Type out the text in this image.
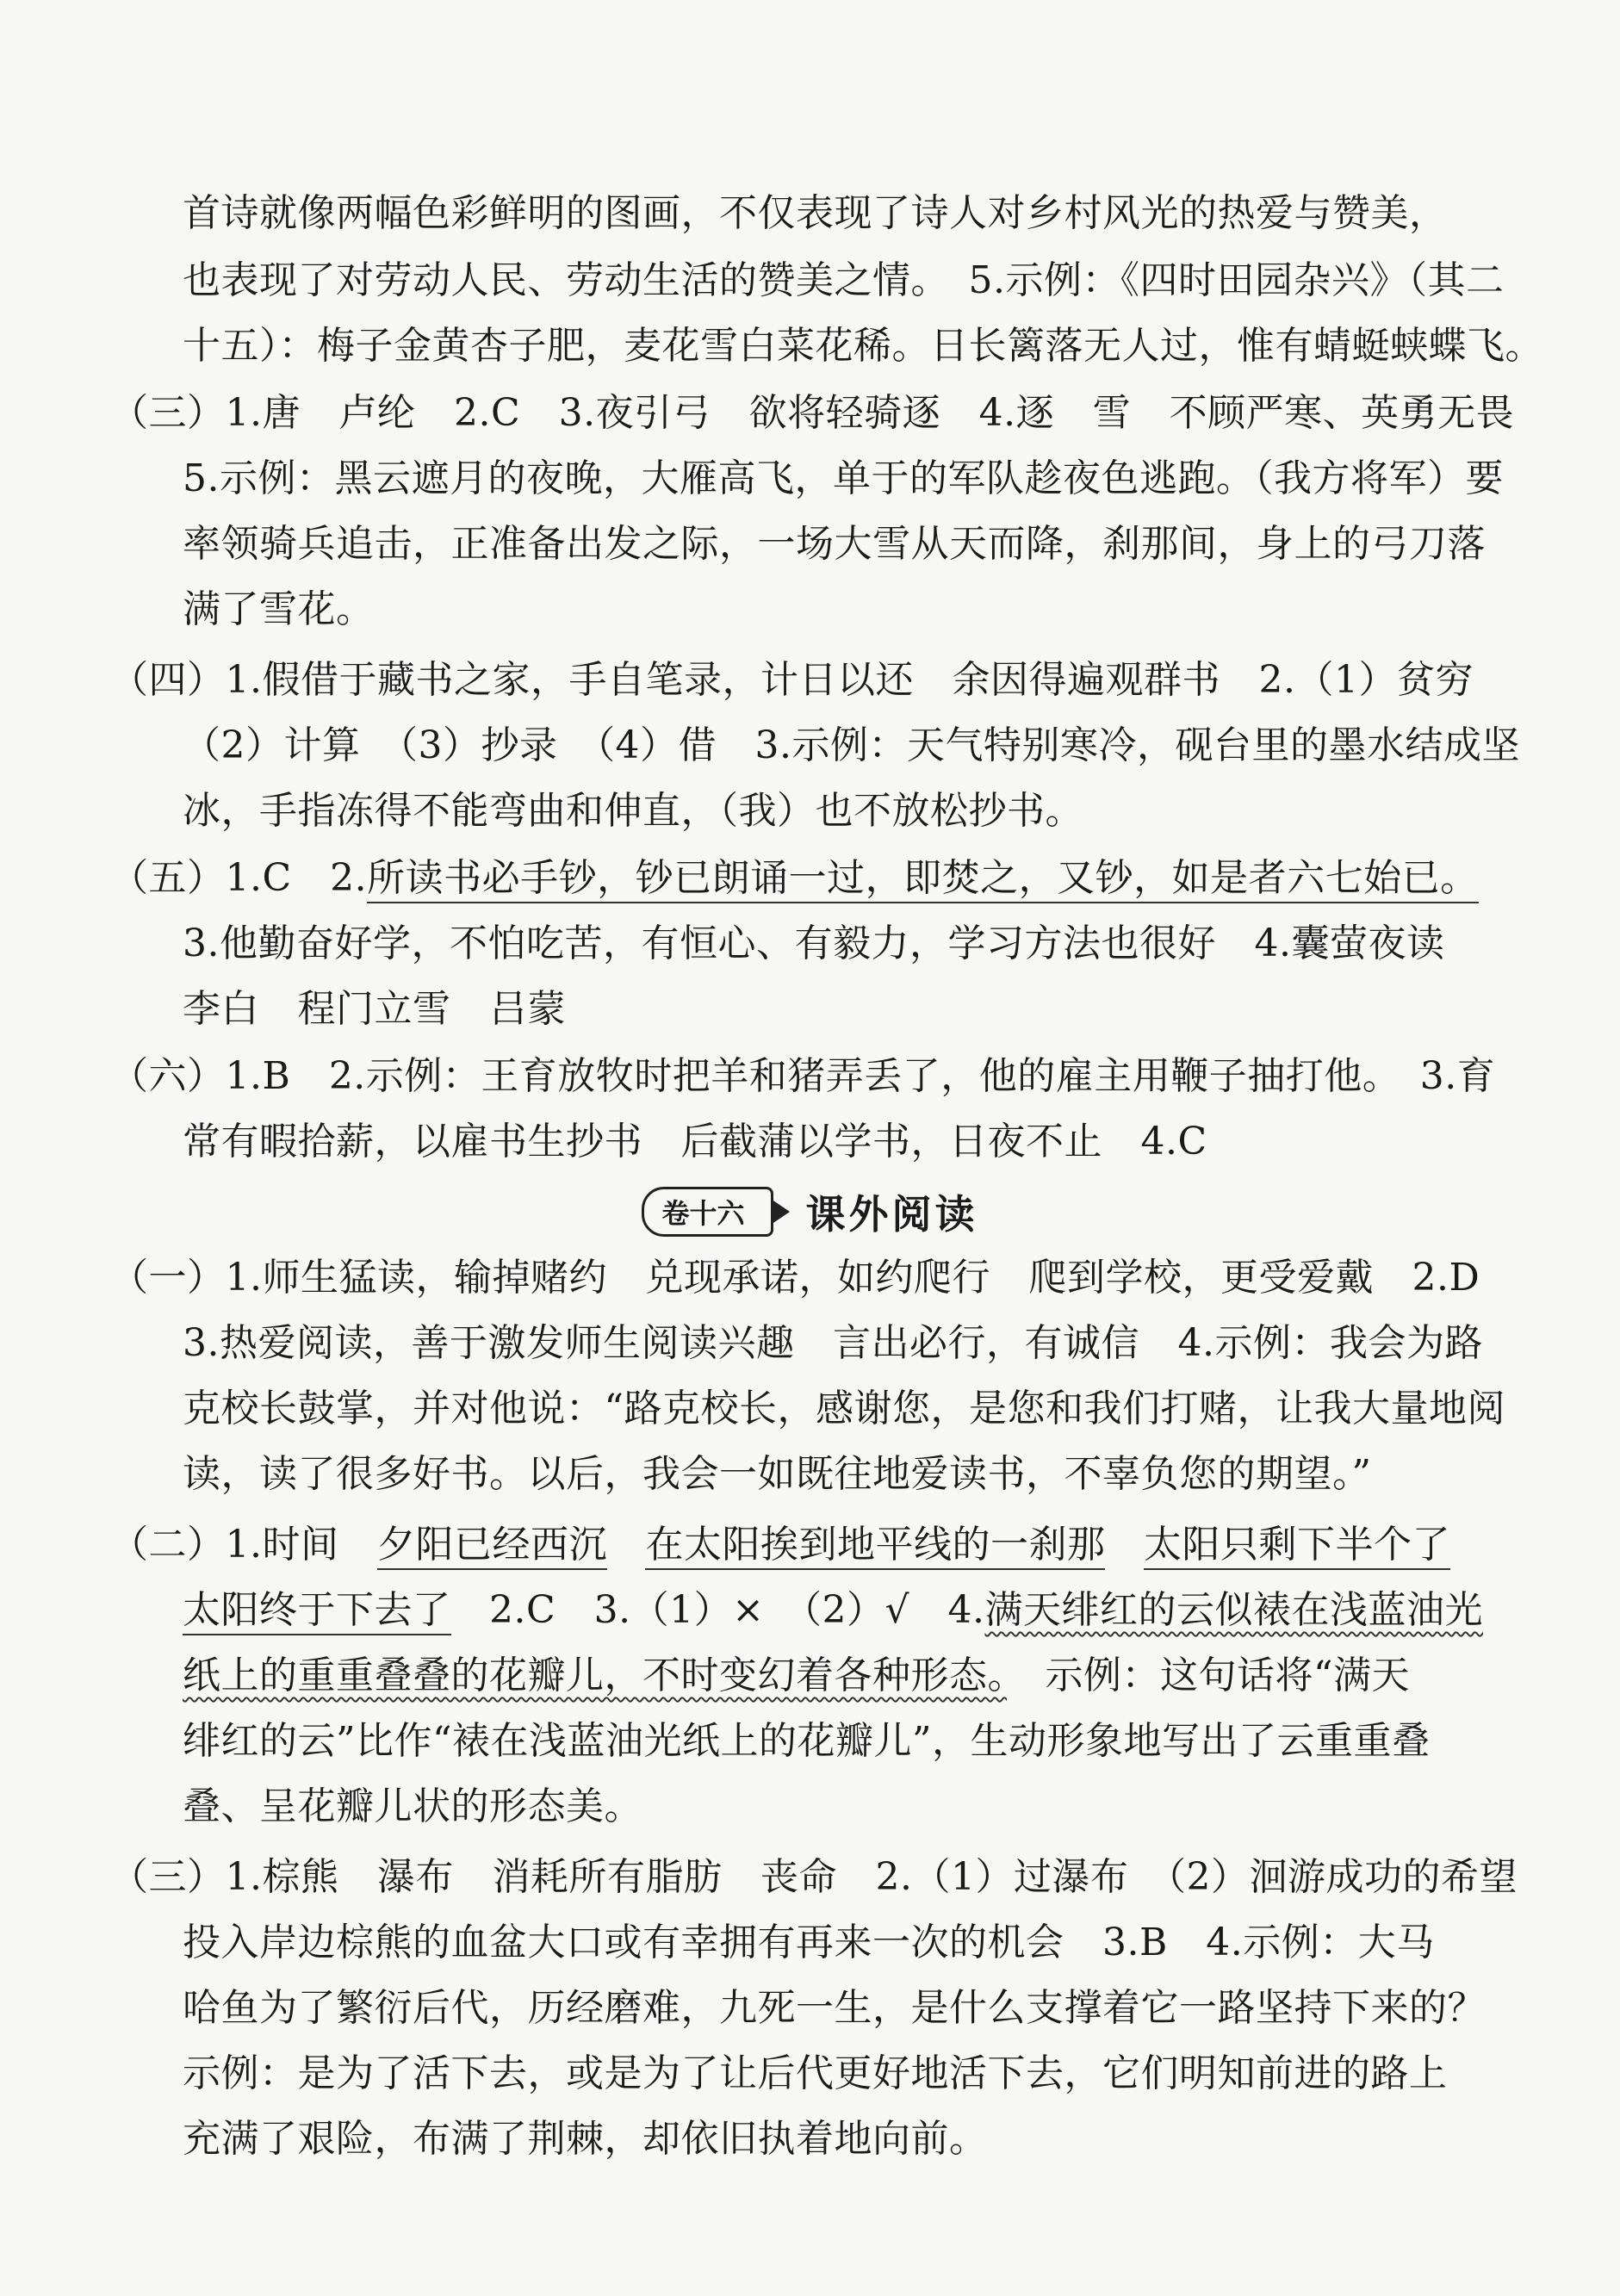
首诗就像两幅色彩鲜明的图画，不仅表现了诗人对乡村风光的热爱与赞美，
也表现了对劳动人民、劳动生活的赞美之情。　5.示例：《四时田园杂兴》（其二
十五）：梅子金黄杏子肥，麦花雪白菜花稀。日长篱落无人过，惟有蜻蜓蛱蝶飞。
（三）1.唐　卢纶　2.C　3.夜引弓　欲将轻骑逐　4.逐　雪　不顾严寒、英勇无畏
5.示例：黑云遮月的夜晚，大雁高飞，单于的军队趁夜色逃跑。（我方将军）要
率领骑兵追击，正准备出发之际，一场大雪从天而降，刹那间，身上的弓刀落
满了雪花。
（四）1.假借于藏书之家，手自笔录，计日以还　余因得遍观群书　2.（1）贫穷
（2）计算　（3）抄录　（4）借　3.示例：天气特别寒冷，砚台里的墨水结成坚
冰，手指冻得不能弯曲和伸直，（我）也不放松抄书。
（五）1.C　2.所读书必手钞，钞已朗诵一过，即焚之，又钞，如是者六七始已。
3.他勤奋好学，不怕吃苦，有恒心、有毅力，学习方法也很好　4.囊萤夜读
李白　程门立雪　吕蒙
（六）1.B　2.示例：王育放牧时把羊和猪弄丢了，他的雇主用鞭子抽打他。　3.育
常有暇拾薪，以雇书生抄书　后截蒲以学书，日夜不止　4.C
卷十六	课外阅读
（一）1.师生猛读，输掉赌约　兑现承诺，如约爬行　爬到学校，更受爱戴　2.D
3.热爱阅读，善于激发师生阅读兴趣　言出必行，有诚信　4.示例：我会为路
克校长鼓掌，并对他说：“路克校长，感谢您，是您和我们打赌，让我大量地阅
读，读了很多好书。以后，我会一如既往地爱读书，不辜负您的期望。”
（二）1.时间　夕阳已经西沉　 在太阳挨到地平线的一刹那　 太阳只剩下半个了
太阳终于下去了　2.C　3.（1）×　（2）√　4.满天绯红的云似裱在浅蓝油光
纸上的重重叠叠的花瓣儿，不时变幻着各种形态。　示例：这句话将“满天
绯红的云”比作“裱在浅蓝油光纸上的花瓣儿”，生动形象地写出了云重重叠
叠、呈花瓣儿状的形态美。
（三）1.棕熊　瀑布　消耗所有脂肪　丧命　2.（1）过瀑布　（2）洄游成功的希望
投入岸边棕熊的血盆大口或有幸拥有再来一次的机会　3.B　4.示例：大马
哈鱼为了繁衍后代，历经磨难，九死一生，是什么支撑着它一路坚持下来的？
示例：是为了活下去，或是为了让后代更好地活下去，它们明知前进的路上
充满了艰险，布满了荆棘，却依旧执着地向前。
